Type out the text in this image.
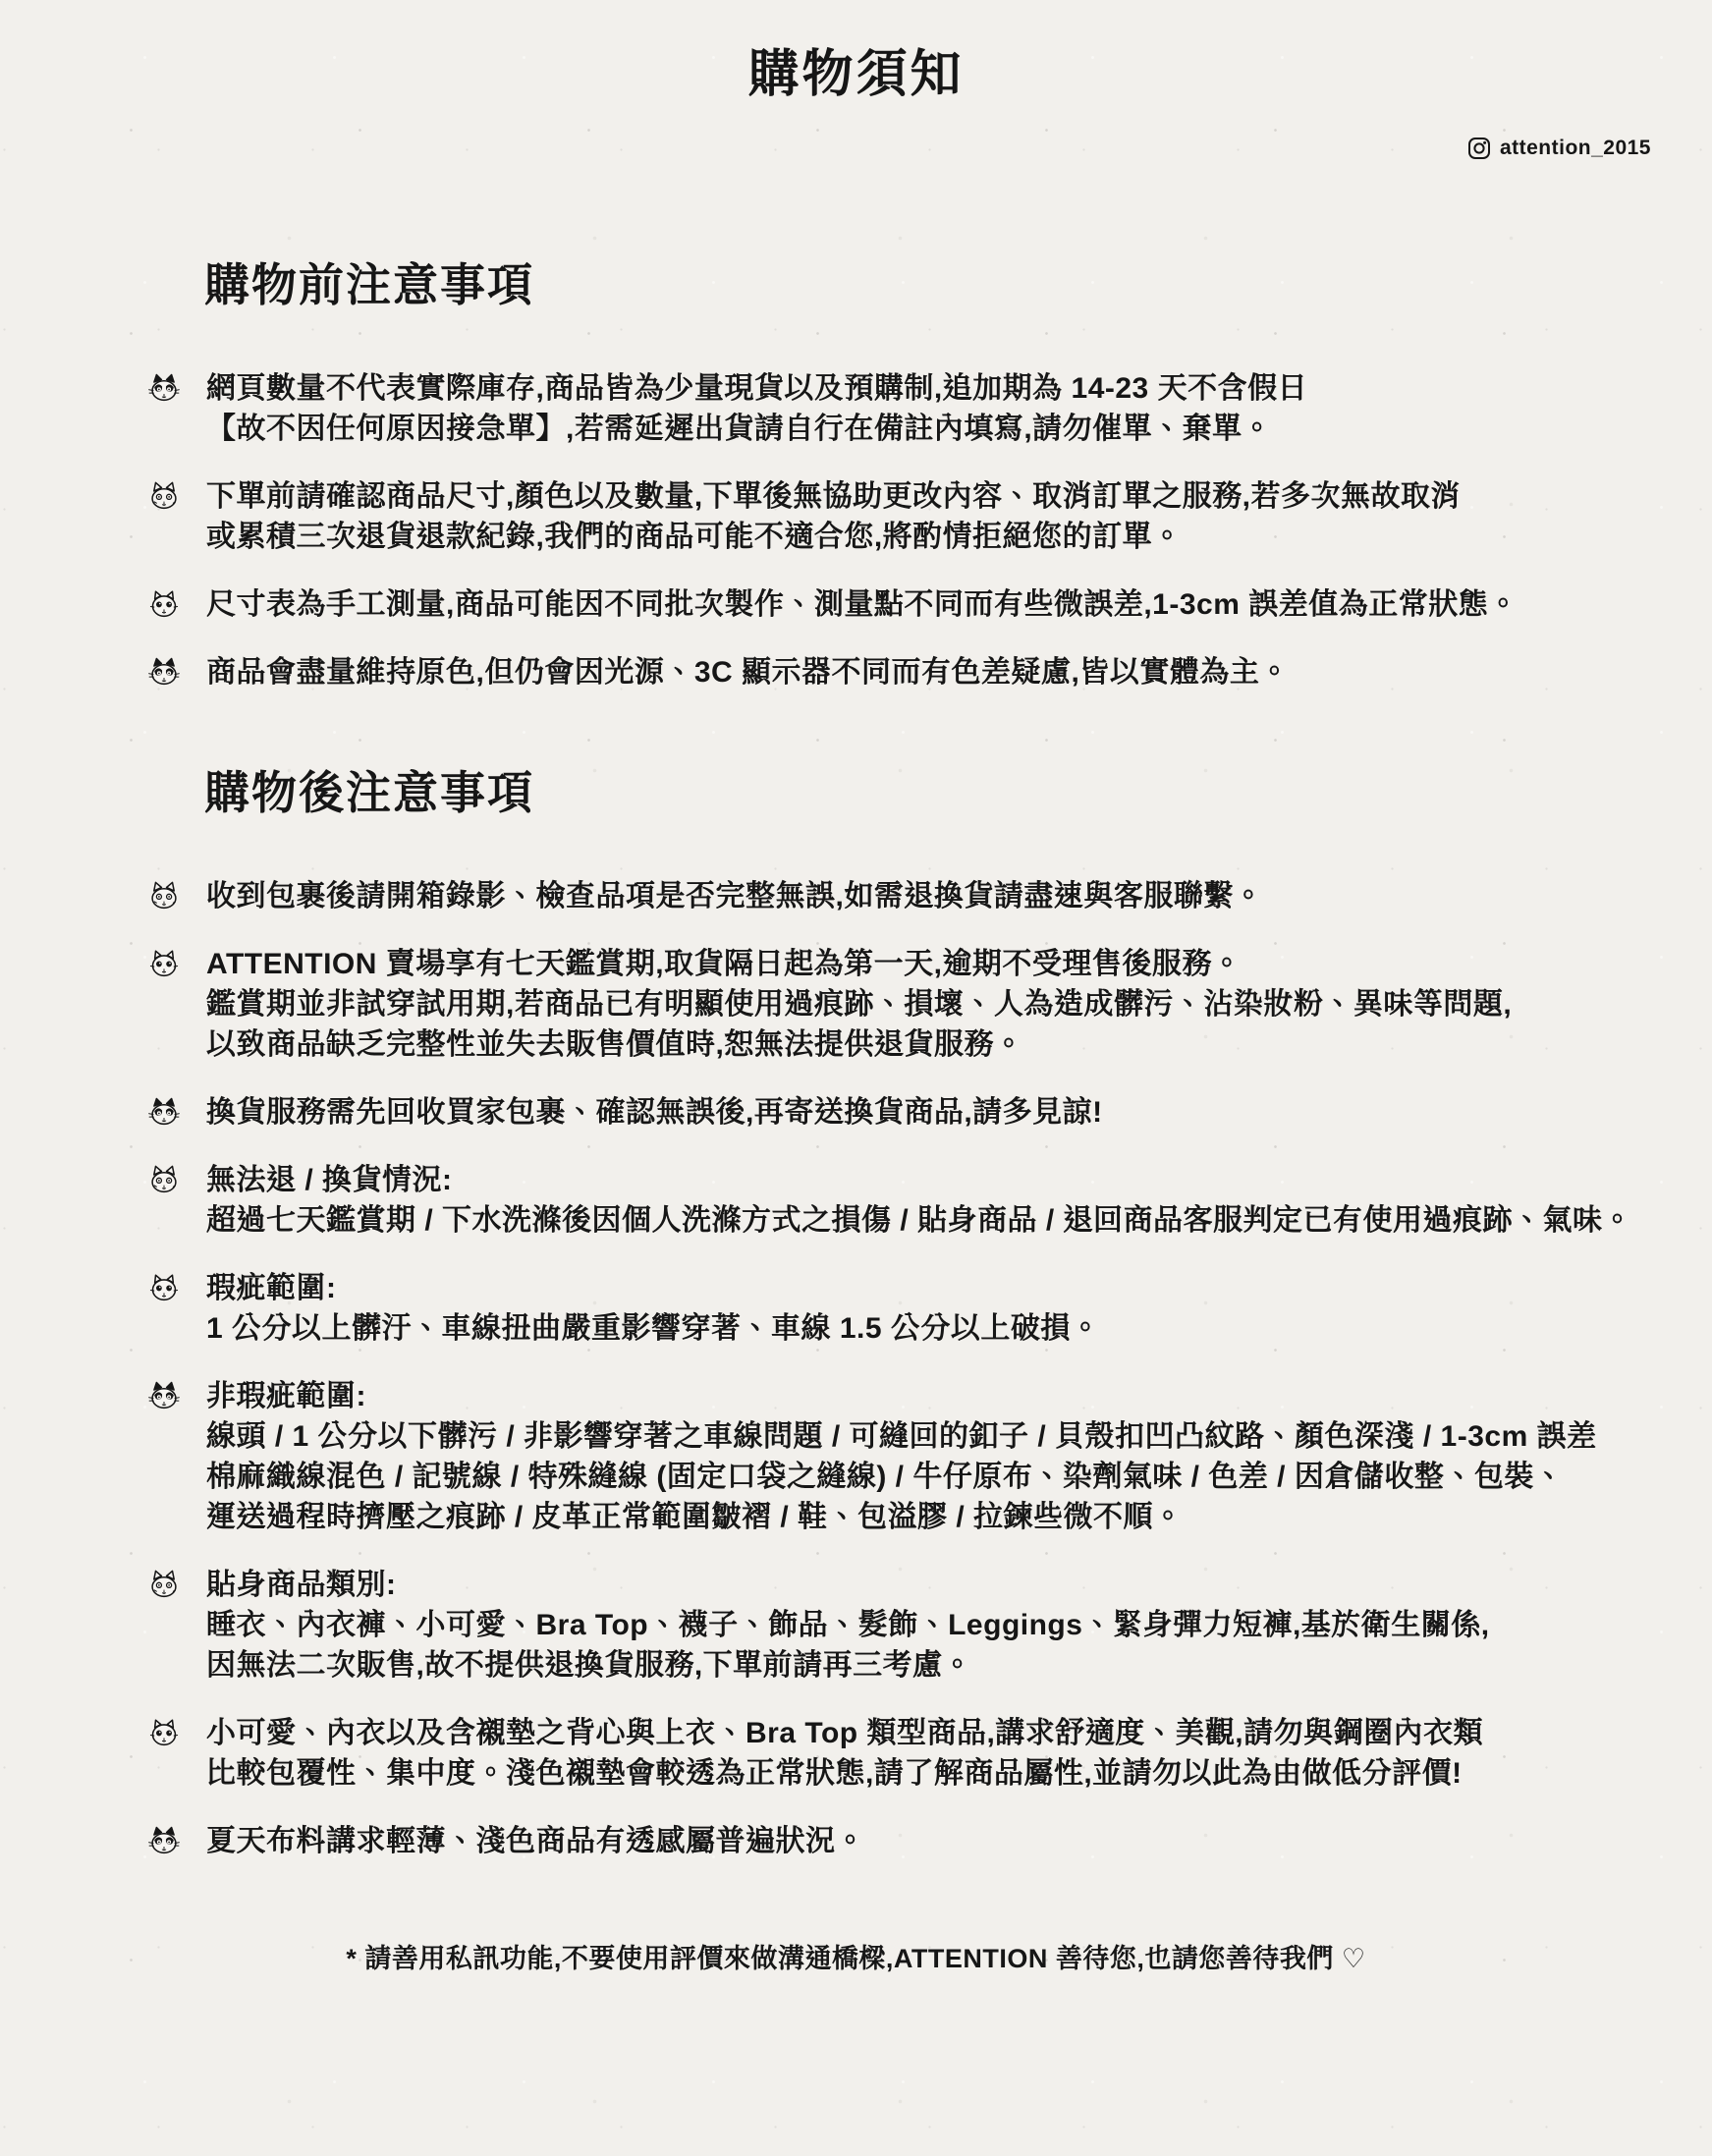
購物須知
attention_2015
購物前注意事項
網頁數量不代表實際庫存,商品皆為少量現貨以及預購制,追加期為 14-23 天不含假日
【故不因任何原因接急單】,若需延遲出貨請自行在備註內填寫,請勿催單、棄單。
下單前請確認商品尺寸,顏色以及數量,下單後無協助更改內容、取消訂單之服務,若多次無故取消
或累積三次退貨退款紀錄,我們的商品可能不適合您,將酌情拒絕您的訂單。
尺寸表為手工測量,商品可能因不同批次製作、測量點不同而有些微誤差,1-3cm 誤差值為正常狀態。
商品會盡量維持原色,但仍會因光源、3C 顯示器不同而有色差疑慮,皆以實體為主。
購物後注意事項
收到包裹後請開箱錄影、檢查品項是否完整無誤,如需退換貨請盡速與客服聯繫。
ATTENTION 賣場享有七天鑑賞期,取貨隔日起為第一天,逾期不受理售後服務。
鑑賞期並非試穿試用期,若商品已有明顯使用過痕跡、損壞、人為造成髒污、沾染妝粉、異味等問題,
以致商品缺乏完整性並失去販售價值時,恕無法提供退貨服務。
換貨服務需先回收買家包裹、確認無誤後,再寄送換貨商品,請多見諒!
無法退 / 換貨情況:
超過七天鑑賞期 / 下水洗滌後因個人洗滌方式之損傷 / 貼身商品 / 退回商品客服判定已有使用過痕跡、氣味。
瑕疵範圍:
1 公分以上髒汙、車線扭曲嚴重影響穿著、車線 1.5 公分以上破損。
非瑕疵範圍:
線頭 / 1 公分以下髒污 / 非影響穿著之車線問題 / 可縫回的釦子 / 貝殼扣凹凸紋路、顏色深淺 / 1-3cm 誤差
棉麻織線混色 / 記號線 / 特殊縫線 (固定口袋之縫線) / 牛仔原布、染劑氣味 / 色差 / 因倉儲收整、包裝、
運送過程時擠壓之痕跡 / 皮革正常範圍皺褶 / 鞋、包溢膠 / 拉鍊些微不順。
貼身商品類別:
睡衣、內衣褲、小可愛、Bra Top、襪子、飾品、髮飾、Leggings、緊身彈力短褲,基於衛生關係,
因無法二次販售,故不提供退換貨服務,下單前請再三考慮。
小可愛、內衣以及含襯墊之背心與上衣、Bra Top 類型商品,講求舒適度、美觀,請勿與鋼圈內衣類
比較包覆性、集中度。淺色襯墊會較透為正常狀態,請了解商品屬性,並請勿以此為由做低分評價!
夏天布料講求輕薄、淺色商品有透感屬普遍狀況。

* 請善用私訊功能,不要使用評價來做溝通橋樑,ATTENTION 善待您,也請您善待我們 ♡
